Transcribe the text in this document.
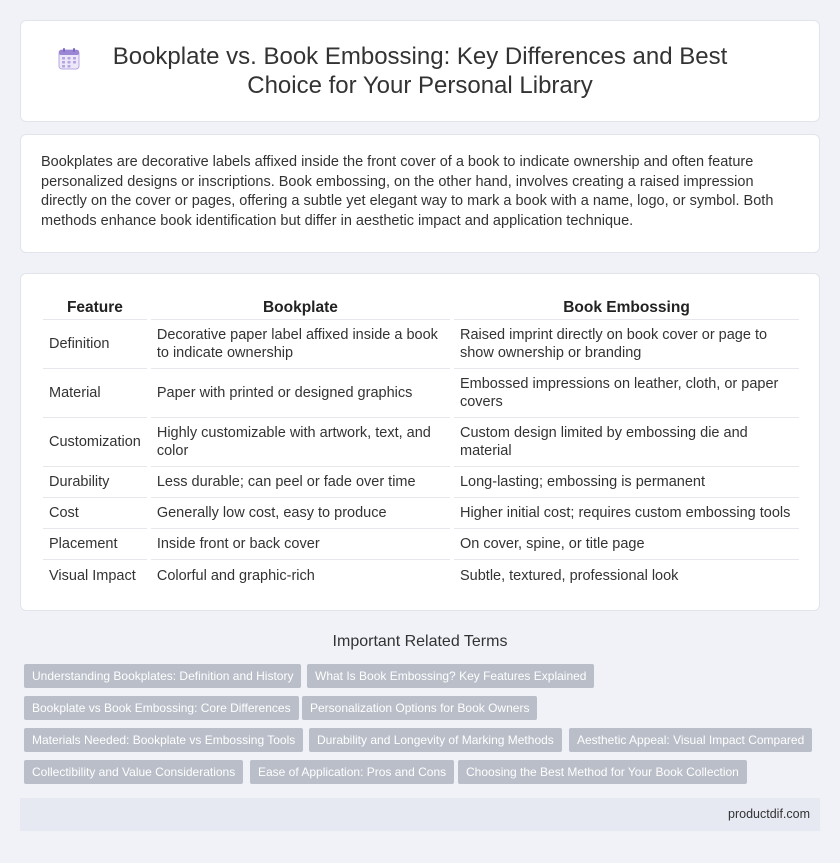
Bookplate vs. Book Embossing: Key Differences and Best Choice for Your Personal Library

Bookplates are decorative labels affixed inside the front cover of a book to indicate ownership and often feature personalized designs or inscriptions. Book embossing, on the other hand, involves creating a raised impression directly on the cover or pages, offering a subtle yet elegant way to mark a book with a name, logo, or symbol. Both methods enhance book identification but differ in aesthetic impact and application technique.

Feature		Bookplate		Book Embossing
Definition		Decorative paper label affixed inside a book to indicate ownership		Raised imprint directly on book cover or page to show ownership or branding
Material		Paper with printed or designed graphics		Embossed impressions on leather, cloth, or paper covers
Customization		Highly customizable with artwork, text, and color		Custom design limited by embossing die and material
Durability		Less durable; can peel or fade over time		Long-lasting; embossing is permanent
Cost		Generally low cost, easy to produce		Higher initial cost; requires custom embossing tools
Placement		Inside front or back cover		On cover, spine, or title page
Visual Impact		Colorful and graphic-rich		Subtle, textured, professional look
Important Related Terms
Understanding Bookplates: Definition and History	What Is Book Embossing? Key Features Explained
Bookplate vs Book Embossing: Core Differences	Personalization Options for Book Owners
Materials Needed: Bookplate vs Embossing Tools	Durability and Longevity of Marking Methods	Aesthetic Appeal: Visual Impact Compared
Collectibility and Value Considerations	Ease of Application: Pros and Cons	Choosing the Best Method for Your Book Collection
productdif.com
